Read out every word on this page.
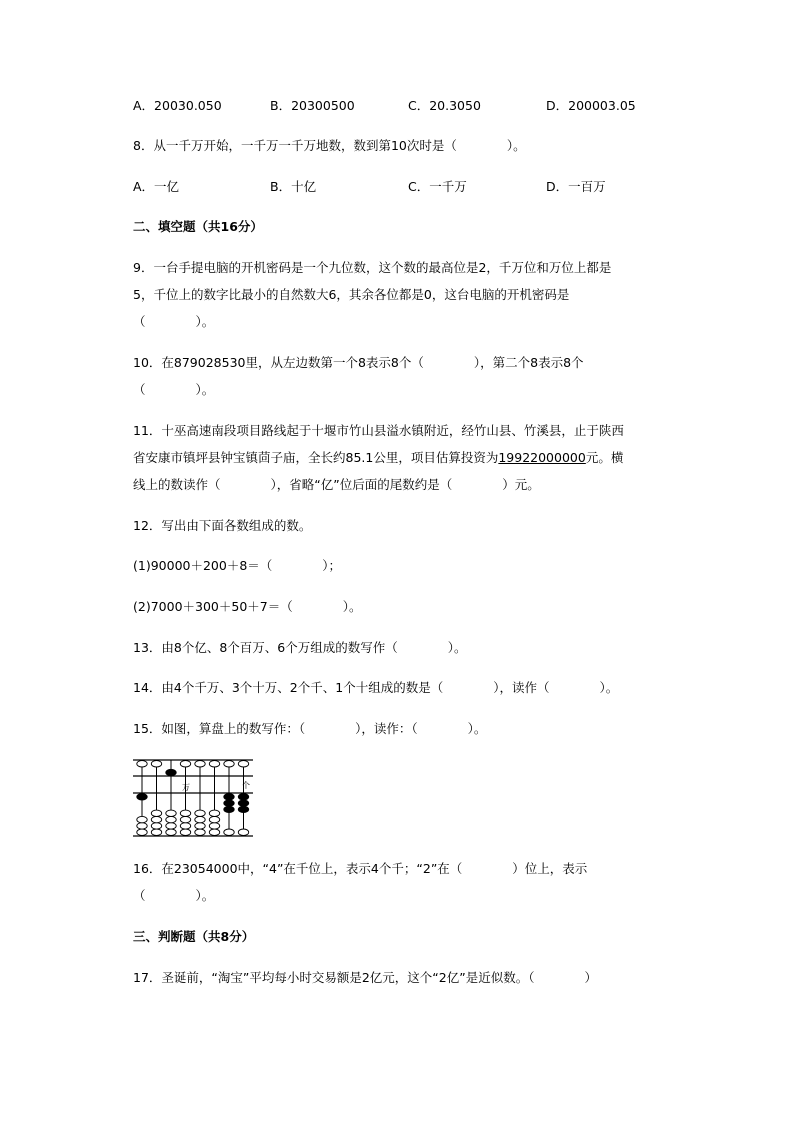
A．20030.050	B．20300500	C．20.3050	D．200003.05
8．从一千万开始，一千万一千万地数，数到第10次时是（　　　　）。
A．一亿	B．十亿	C．一千万	D．一百万
二、填空题（共16分）
9．一台手提电脑的开机密码是一个九位数，这个数的最高位是2，千万位和万位上都是
5，千位上的数字比最小的自然数大6，其余各位都是0，这台电脑的开机密码是
（　　　　）。
10．在879028530里，从左边数第一个8表示8个（　　　　），第二个8表示8个
（　　　　）。
11．十巫高速南段项目路线起于十堰市竹山县溢水镇附近，经竹山县、竹溪县，止于陕西
省安康市镇坪县钟宝镇茴子庙，全长约85.1公里，项目估算投资为19922000000元。横
线上的数读作（　　　　），省略“亿”位后面的尾数约是（　　　　）元。
12．写出由下面各数组成的数。
(1)90000＋200＋8＝（　　　　）；
(2)7000＋300＋50＋7＝（　　　　）。
13．由8个亿、8个百万、6个万组成的数写作（　　　　）。
14．由4个千万、3个十万、2个千、1个十组成的数是（　　　　），读作（　　　　）。
15．如图，算盘上的数写作：（　　　　），读作：（　　　　）。
万	个
16．在23054000中，“4”在千位上，表示4个千；“2”在（　　　　）位上，表示
（　　　　）。
三、判断题（共8分）
17．圣诞前，“淘宝”平均每小时交易额是2亿元，这个“2亿”是近似数。（　　　　）
